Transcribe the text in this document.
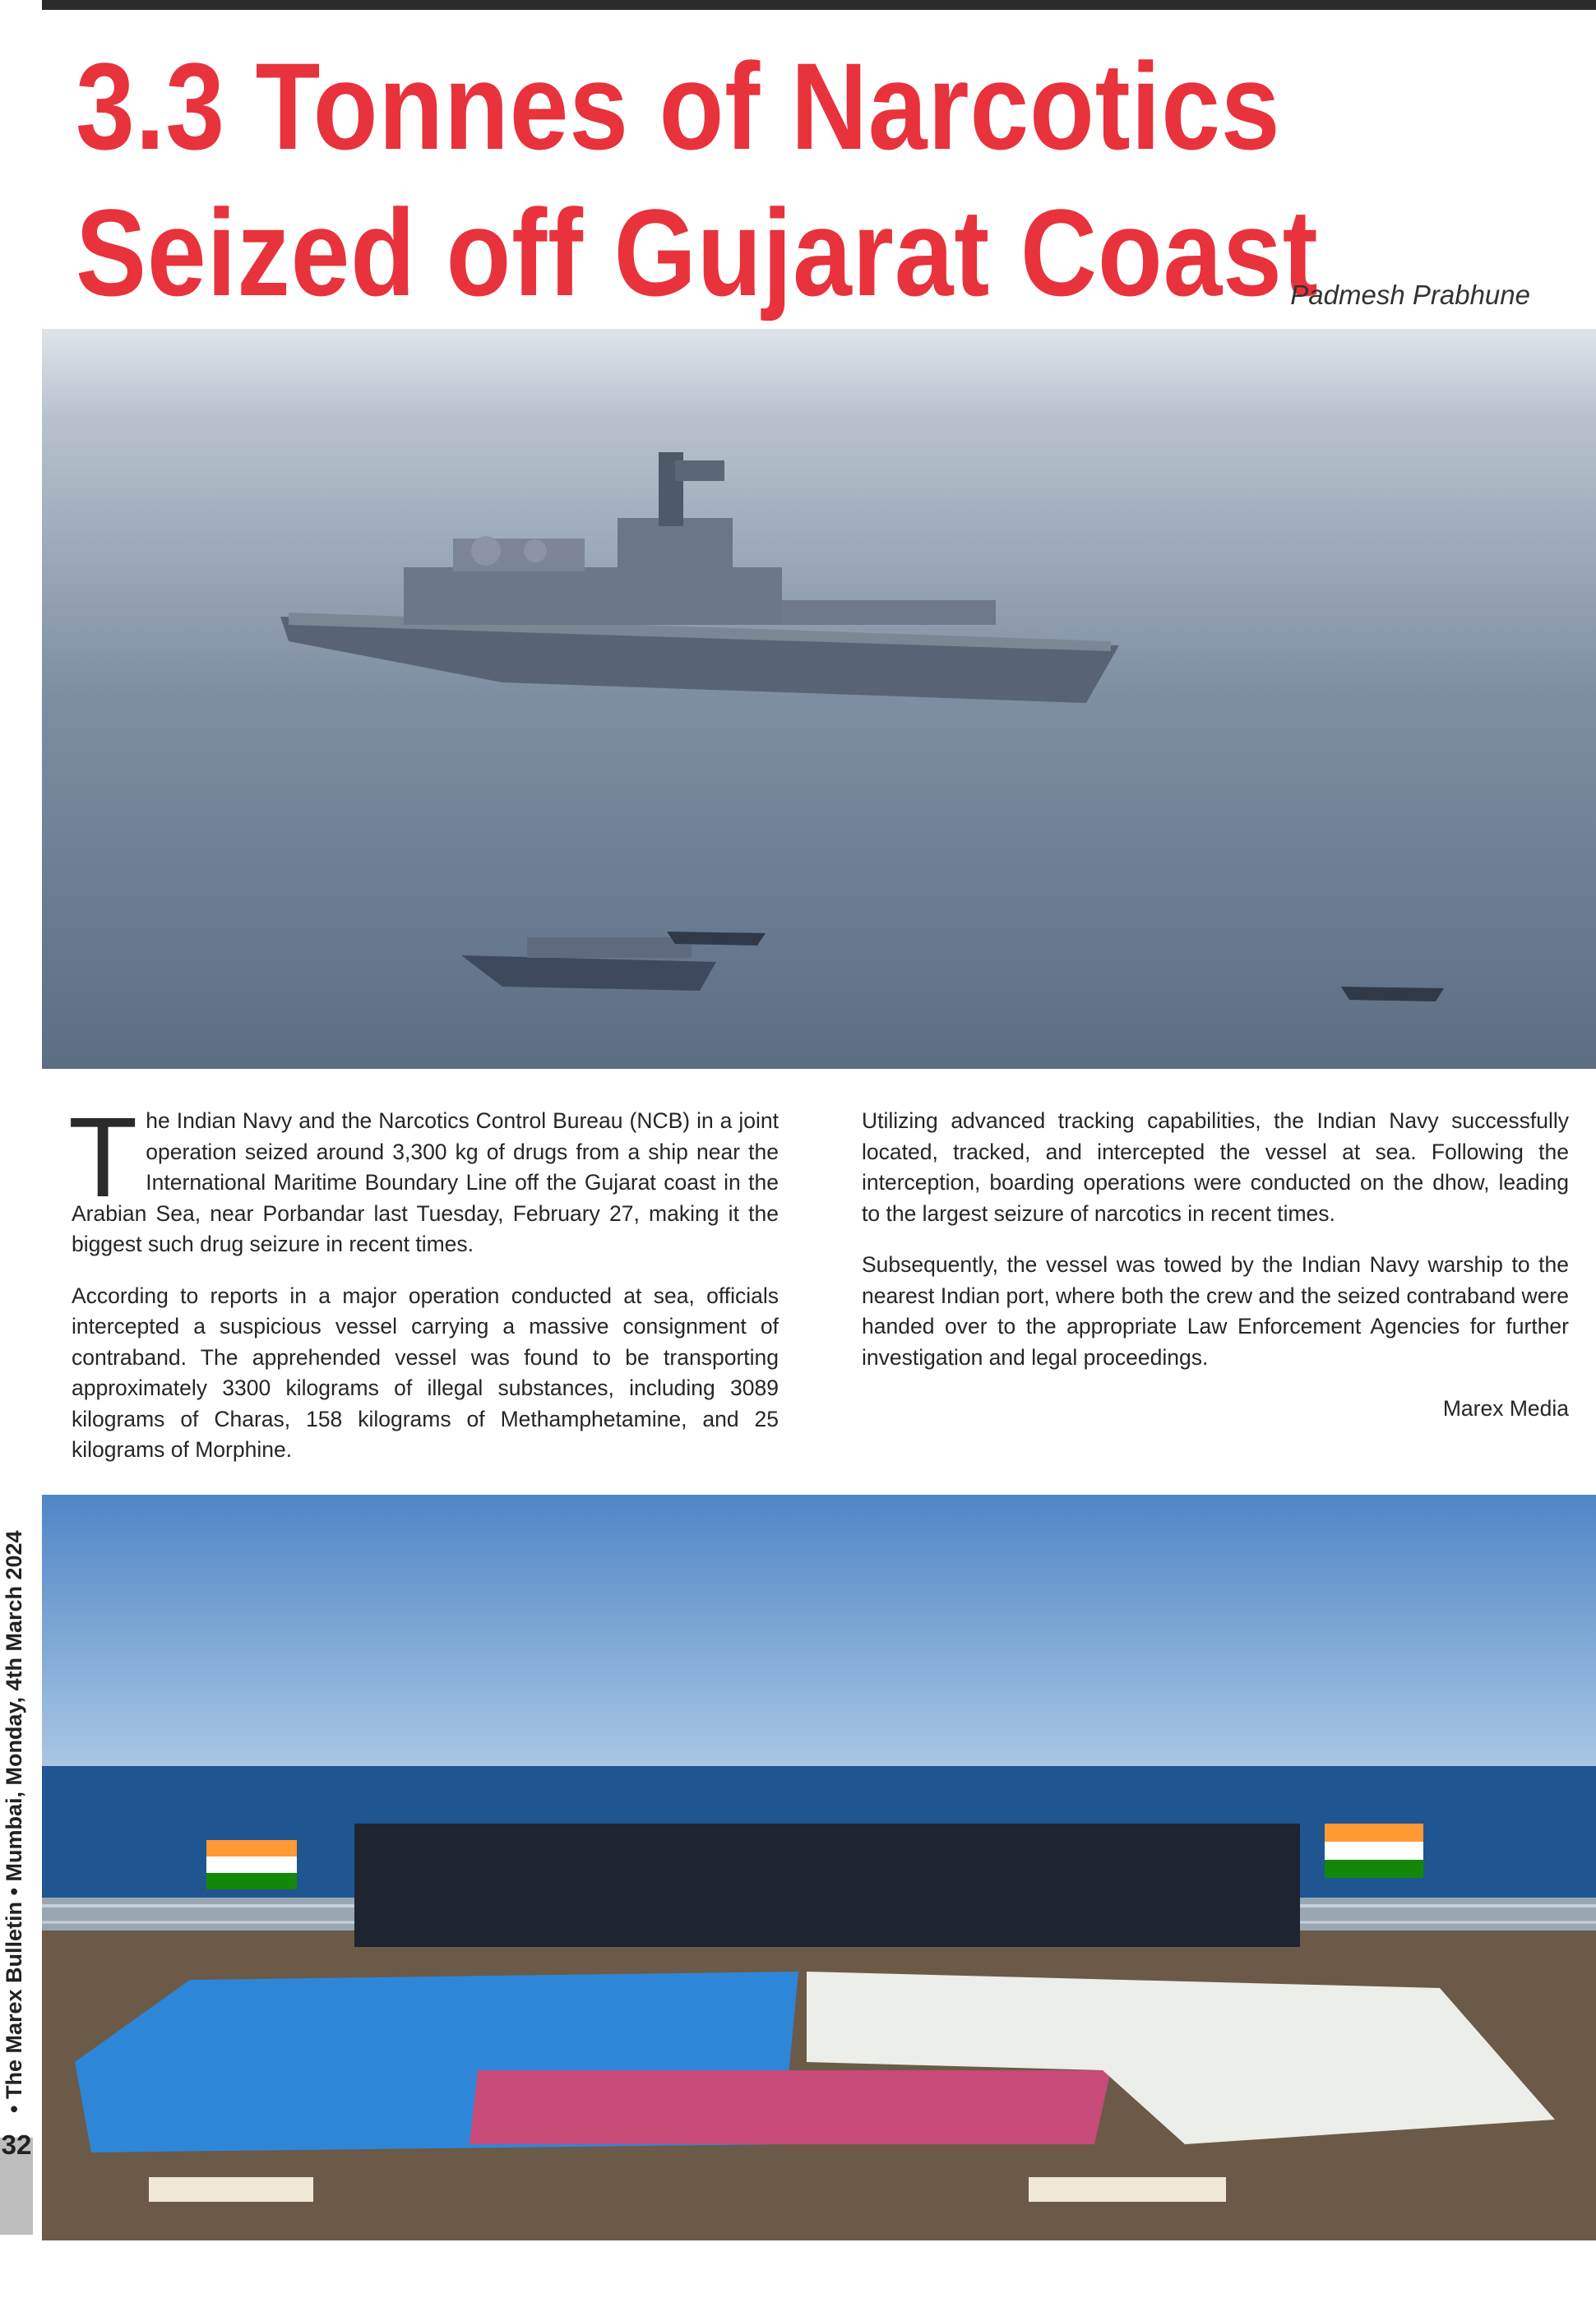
3.3 Tonnes of Narcotics Seized off Gujarat Coast
Padmesh Prabhune

The Indian Navy and the Narcotics Control Bureau (NCB) in a joint operation seized around 3,300 kg of drugs from a ship near the International Maritime Boundary Line off the Gujarat coast in the Arabian Sea, near Porbandar last Tuesday, February 27, making it the biggest such drug seizure in recent times.

According to reports in a major operation conducted at sea, officials intercepted a suspicious vessel carrying a massive consignment of contraband. The apprehended vessel was found to be transporting approximately 3300 kilograms of illegal substances, including 3089 kilograms of Charas, 158 kilograms of Methamphetamine, and 25 kilograms of Morphine.

Utilizing advanced tracking capabilities, the Indian Navy successfully located, tracked, and intercepted the vessel at sea. Following the interception, boarding operations were conducted on the dhow, leading to the largest seizure of narcotics in recent times.

Subsequently, the vessel was towed by the Indian Navy warship to the nearest Indian port, where both the crew and the seized contraband were handed over to the appropriate Law Enforcement Agencies for further investigation and legal proceedings.

Marex Media
32
• The Marex Bulletin • Mumbai, Monday, 4th March 2024
